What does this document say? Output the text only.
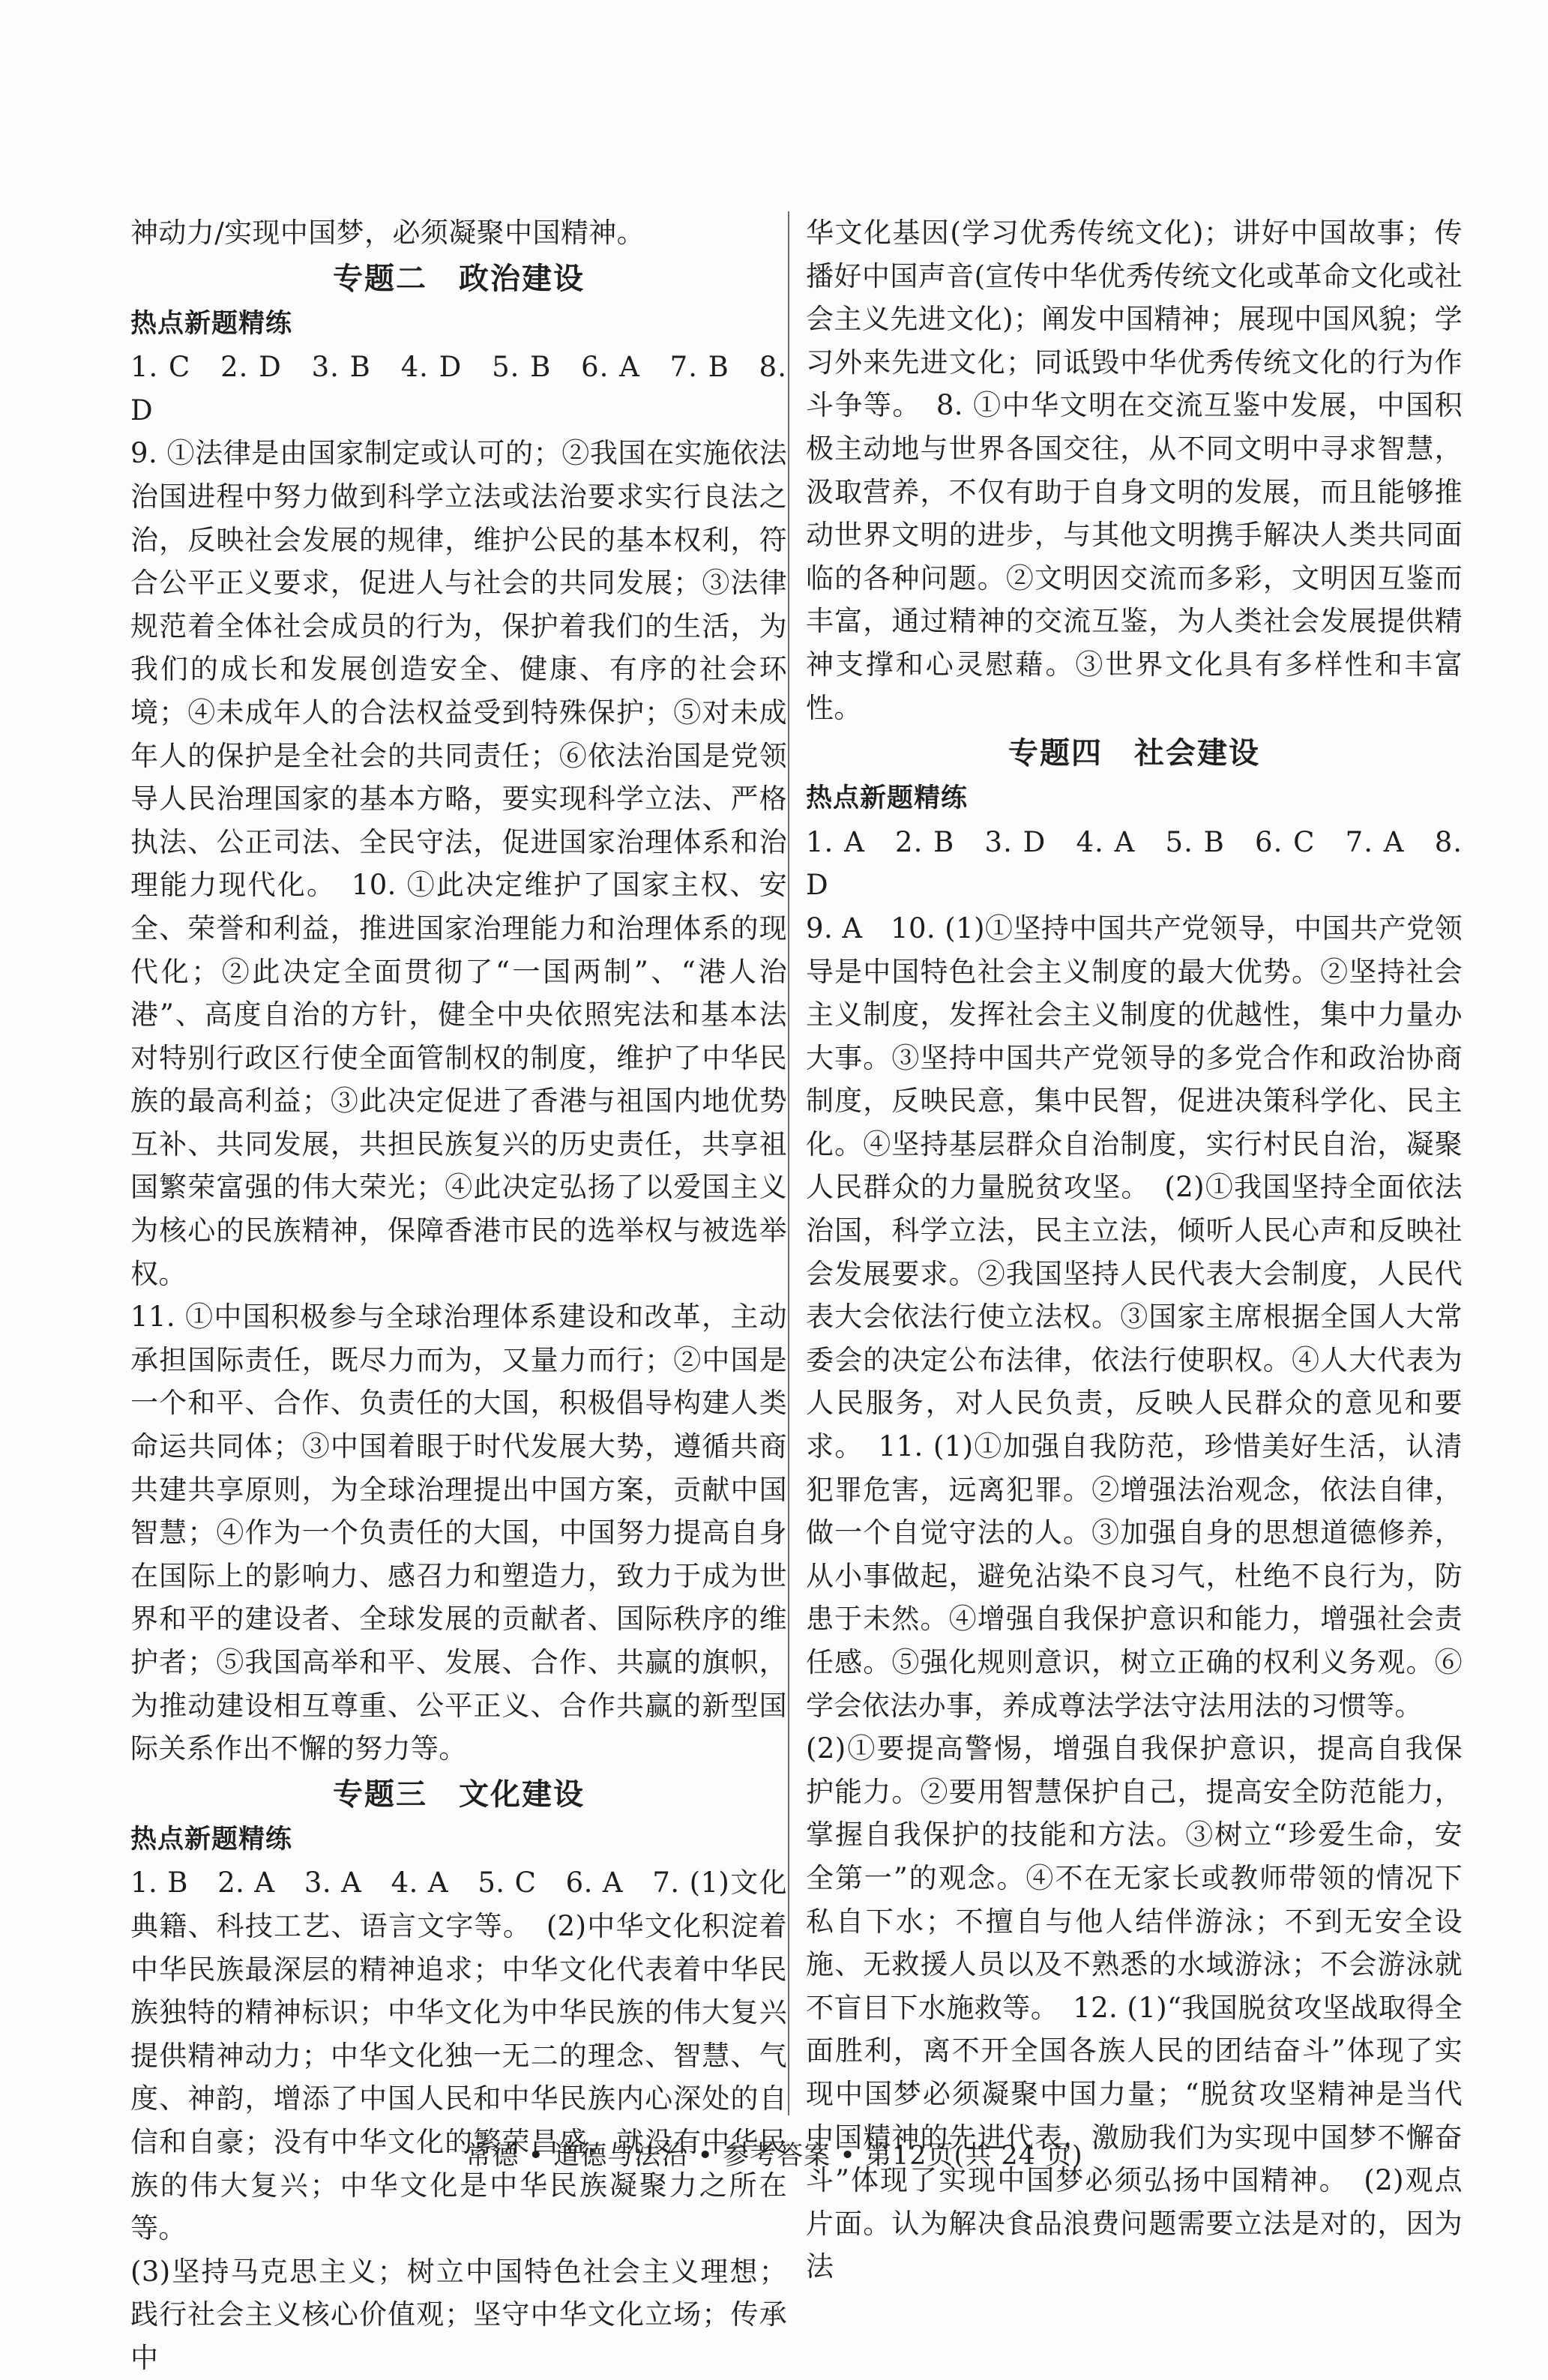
神动力/实现中国梦，必须凝聚中国精神。

专题二　政治建设

热点新题精练

1. C　2. D　3. B　4. D　5. B　6. A　7. B　8. D

9. ①法律是由国家制定或认可的；②我国在实施依法治国进程中努力做到科学立法或法治要求实行良法之治，反映社会发展的规律，维护公民的基本权利，符合公平正义要求，促进人与社会的共同发展；③法律规范着全体社会成员的行为，保护着我们的生活，为我们的成长和发展创造安全、健康、有序的社会环境；④未成年人的合法权益受到特殊保护；⑤对未成年人的保护是全社会的共同责任；⑥依法治国是党领导人民治理国家的基本方略，要实现科学立法、严格执法、公正司法、全民守法，促进国家治理体系和治理能力现代化。　10. ①此决定维护了国家主权、安全、荣誉和利益，推进国家治理能力和治理体系的现代化；②此决定全面贯彻了“一国两制”、“港人治港”、高度自治的方针，健全中央依照宪法和基本法对特别行政区行使全面管制权的制度，维护了中华民族的最高利益；③此决定促进了香港与祖国内地优势互补、共同发展，共担民族复兴的历史责任，共享祖国繁荣富强的伟大荣光；④此决定弘扬了以爱国主义为核心的民族精神，保障香港市民的选举权与被选举权。

11. ①中国积极参与全球治理体系建设和改革，主动承担国际责任，既尽力而为，又量力而行；②中国是一个和平、合作、负责任的大国，积极倡导构建人类命运共同体；③中国着眼于时代发展大势，遵循共商共建共享原则，为全球治理提出中国方案，贡献中国智慧；④作为一个负责任的大国，中国努力提高自身在国际上的影响力、感召力和塑造力，致力于成为世界和平的建设者、全球发展的贡献者、国际秩序的维护者；⑤我国高举和平、发展、合作、共赢的旗帜，为推动建设相互尊重、公平正义、合作共赢的新型国际关系作出不懈的努力等。

专题三　文化建设

热点新题精练

1. B　2. A　3. A　4. A　5. C　6. A　7. (1)文化典籍、科技工艺、语言文字等。　(2)中华文化积淀着中华民族最深层的精神追求；中华文化代表着中华民族独特的精神标识；中华文化为中华民族的伟大复兴提供精神动力；中华文化独一无二的理念、智慧、气度、神韵，增添了中国人民和中华民族内心深处的自信和自豪；没有中华文化的繁荣昌盛，就没有中华民族的伟大复兴；中华文化是中华民族凝聚力之所在等。

(3)坚持马克思主义；树立中国特色社会主义理想；践行社会主义核心价值观；坚守中华文化立场；传承中

华文化基因(学习优秀传统文化)；讲好中国故事；传播好中国声音(宣传中华优秀传统文化或革命文化或社会主义先进文化)；阐发中国精神；展现中国风貌；学习外来先进文化；同诋毁中华优秀传统文化的行为作斗争等。　8. ①中华文明在交流互鉴中发展，中国积极主动地与世界各国交往，从不同文明中寻求智慧，汲取营养，不仅有助于自身文明的发展，而且能够推动世界文明的进步，与其他文明携手解决人类共同面临的各种问题。②文明因交流而多彩，文明因互鉴而丰富，通过精神的交流互鉴，为人类社会发展提供精神支撑和心灵慰藉。③世界文化具有多样性和丰富性。

专题四　社会建设

热点新题精练

1. A　2. B　3. D　4. A　5. B　6. C　7. A　8. D

9. A　10. (1)①坚持中国共产党领导，中国共产党领导是中国特色社会主义制度的最大优势。②坚持社会主义制度，发挥社会主义制度的优越性，集中力量办大事。③坚持中国共产党领导的多党合作和政治协商制度，反映民意，集中民智，促进决策科学化、民主化。④坚持基层群众自治制度，实行村民自治，凝聚人民群众的力量脱贫攻坚。　(2)①我国坚持全面依法治国，科学立法，民主立法，倾听人民心声和反映社会发展要求。②我国坚持人民代表大会制度，人民代表大会依法行使立法权。③国家主席根据全国人大常委会的决定公布法律，依法行使职权。④人大代表为人民服务，对人民负责，反映人民群众的意见和要求。　11. (1)①加强自我防范，珍惜美好生活，认清犯罪危害，远离犯罪。②增强法治观念，依法自律，做一个自觉守法的人。③加强自身的思想道德修养，从小事做起，避免沾染不良习气，杜绝不良行为，防患于未然。④增强自我保护意识和能力，增强社会责任感。⑤强化规则意识，树立正确的权利义务观。⑥学会依法办事，养成尊法学法守法用法的习惯等。

(2)①要提高警惕，增强自我保护意识，提高自我保护能力。②要用智慧保护自己，提高安全防范能力，掌握自我保护的技能和方法。③树立“珍爱生命，安全第一”的观念。④不在无家长或教师带领的情况下私自下水；不擅自与他人结伴游泳；不到无安全设施、无救援人员以及不熟悉的水域游泳；不会游泳就不盲目下水施救等。　12. (1)“我国脱贫攻坚战取得全面胜利，离不开全国各族人民的团结奋斗”体现了实现中国梦必须凝聚中国力量；“脱贫攻坚精神是当代中国精神的先进代表，激励我们为实现中国梦不懈奋斗”体现了实现中国梦必须弘扬中国精神。　(2)观点片面。认为解决食品浪费问题需要立法是对的，因为法

常德 • 道德与法治 • 参考答案 • 第12页(共 24 页)
